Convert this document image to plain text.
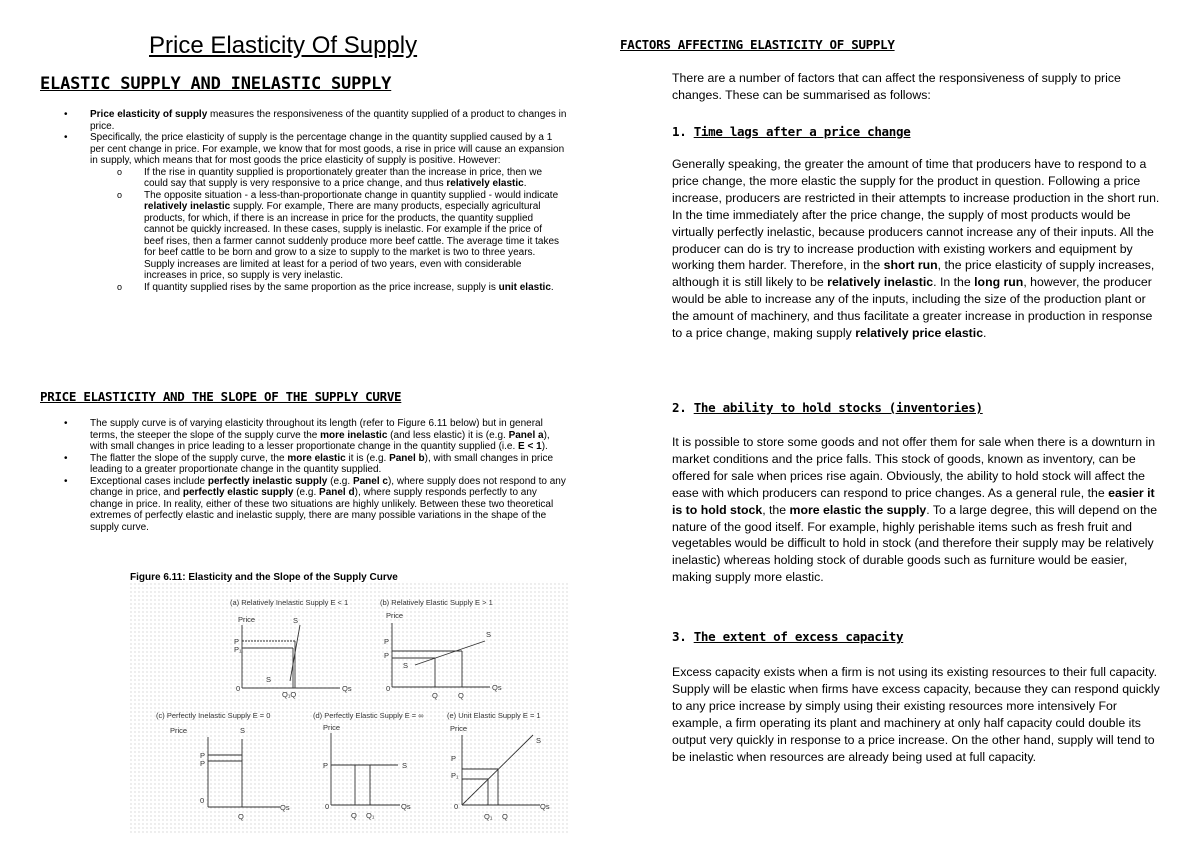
Price Elasticity Of Supply
ELASTIC SUPPLY AND INELASTIC SUPPLY
• Price elasticity of supply measures the responsiveness of the quantity supplied of a product to changes in price.
• Specifically, the price elasticity of supply is the percentage change in the quantity supplied caused by a 1 per cent change in price. For example, we know that for most goods, a rise in price will cause an expansion in supply, which means that for most goods the price elasticity of supply is positive. However:
o If the rise in quantity supplied is proportionately greater than the increase in price, then we could say that supply is very responsive to a price change, and thus relatively elastic.
o The opposite situation - a less-than-proportionate change in quantity supplied - would indicate relatively inelastic supply. For example, There are many products, especially agricultural products, for which, if there is an increase in price for the products, the quantity supplied cannot be quickly increased. In these cases, supply is inelastic. For example if the price of beef rises, then a farmer cannot suddenly produce more beef cattle. The average time it takes for beef cattle to be born and grow to a size to supply to the market is two to three years. Supply increases are limited at least for a period of two years, even with considerable increases in price, so supply is very inelastic.
o If quantity supplied rises by the same proportion as the price increase, supply is unit elastic.
PRICE ELASTICITY AND THE SLOPE OF THE SUPPLY CURVE
• The supply curve is of varying elasticity throughout its length (refer to Figure 6.11 below) but in general terms, the steeper the slope of the supply curve the more inelastic (and less elastic) it is (e.g. Panel a), with small changes in price leading to a lesser proportionate change in the quantity supplied (i.e. E < 1).
• The flatter the slope of the supply curve, the more elastic it is (e.g. Panel b), with small changes in price leading to a greater proportionate change in the quantity supplied.
• Exceptional cases include perfectly inelastic supply (e.g. Panel c), where supply does not respond to any change in price, and perfectly elastic supply (e.g. Panel d), where supply responds perfectly to any change in price. In reality, either of these two situations are highly unlikely. Between these two theoretical extremes of perfectly elastic and inelastic supply, there are many possible variations in the shape of the supply curve.
Figure 6.11: Elasticity and the Slope of the Supply Curve
(a) Relatively Inelastic Supply E < 1
Price
P
P₁
S
S
0
Q₁Q
Qs
(b) Relatively Elastic Supply E > 1
Price
P
P
S
S
0
Q	Q
Qs
(c) Perfectly Inelastic Supply E = 0
Price	S
P
P
0
Q
Qs
(d) Perfectly Elastic Supply E = ∞
Price
P	S
0
Q Q₁
Qs
(e) Unit Elastic Supply E = 1
Price
P
P₁
S
0
Q₁ Q
Qs
FACTORS AFFECTING ELASTICITY OF SUPPLY
There are a number of factors that can affect the responsiveness of supply to price changes. These can be summarised as follows:
1. Time lags after a price change
Generally speaking, the greater the amount of time that producers have to respond to a price change, the more elastic the supply for the product in question. Following a price increase, producers are restricted in their attempts to increase production in the short run. In the time immediately after the price change, the supply of most products would be virtually perfectly inelastic, because producers cannot increase any of their inputs. All the producer can do is try to increase production with existing workers and equipment by working them harder. Therefore, in the short run, the price elasticity of supply increases, although it is still likely to be relatively inelastic. In the long run, however, the producer would be able to increase any of the inputs, including the size of the production plant or the amount of machinery, and thus facilitate a greater increase in production in response to a price change, making supply relatively price elastic.
2. The ability to hold stocks (inventories)
It is possible to store some goods and not offer them for sale when there is a downturn in market conditions and the price falls. This stock of goods, known as inventory, can be offered for sale when prices rise again. Obviously, the ability to hold stock will affect the ease with which producers can respond to price changes. As a general rule, the easier it is to hold stock, the more elastic the supply. To a large degree, this will depend on the nature of the good itself. For example, highly perishable items such as fresh fruit and vegetables would be difficult to hold in stock (and therefore their supply may be relatively inelastic) whereas holding stock of durable goods such as furniture would be easier, making supply more elastic.
3. The extent of excess capacity
Excess capacity exists when a firm is not using its existing resources to their full capacity. Supply will be elastic when firms have excess capacity, because they can respond quickly to any price increase by simply using their existing resources more intensively For example, a firm operating its plant and machinery at only half capacity could double its output very quickly in response to a price increase. On the other hand, supply will tend to be inelastic when resources are already being used at full capacity.
